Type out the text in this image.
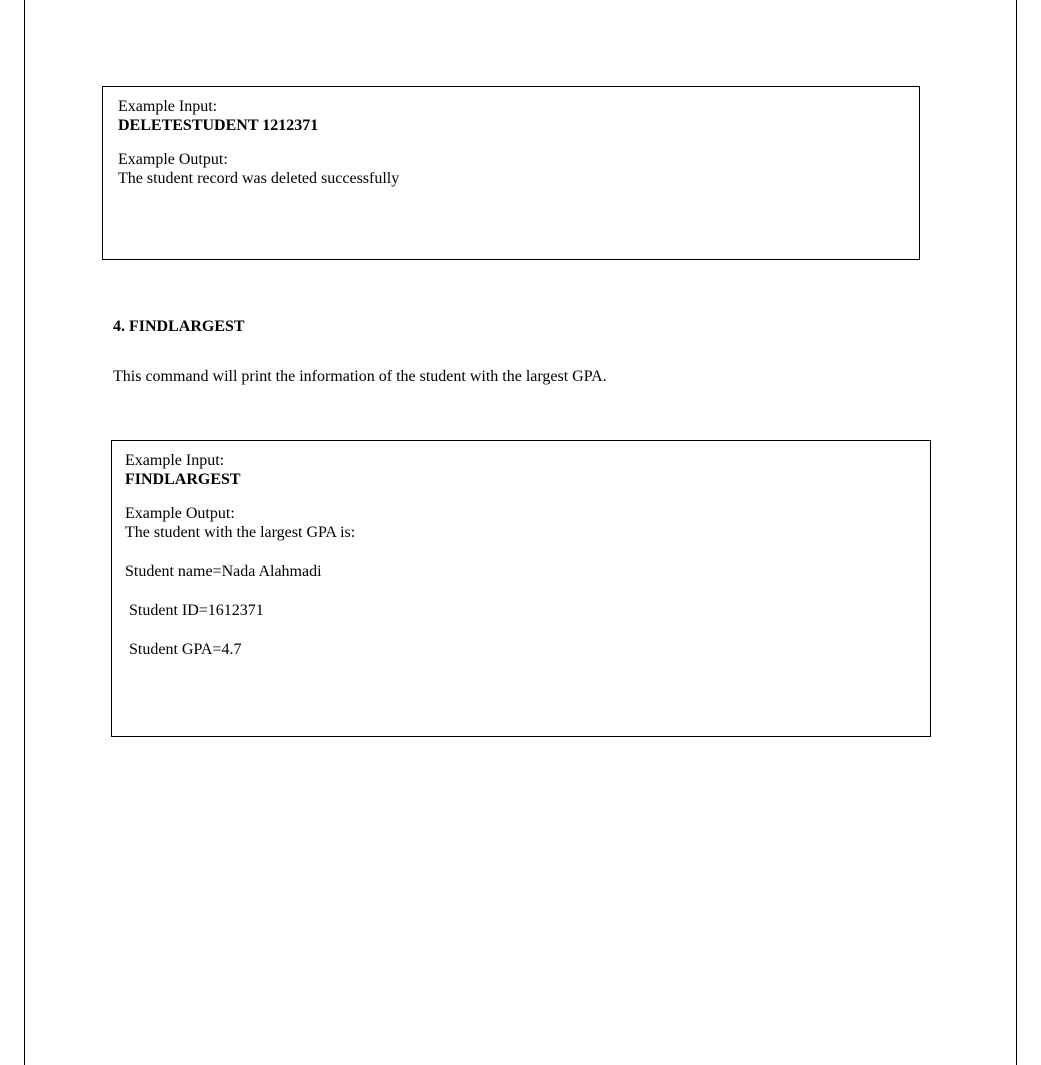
Example Input:
DELETESTUDENT 1212371
Example Output:
The student record was deleted successfully

4. FINDLARGEST

This command will print the information of the student with the largest GPA.

Example Input:
FINDLARGEST
Example Output:
The student with the largest GPA is:
Student name=Nada Alahmadi
Student ID=1612371
Student GPA=4.7
